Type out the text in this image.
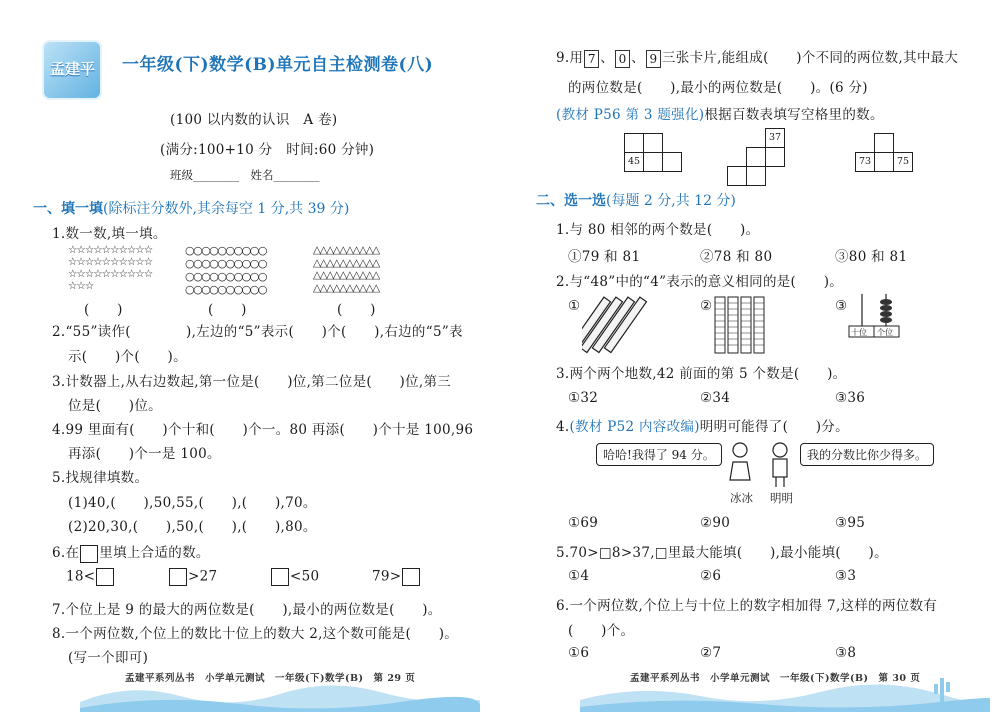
孟建平 一年级(下)数学(B)单元自主检测卷(八)
(100 以内数的认识　A 卷)
(满分:100+10 分　时间:60 分钟)
班级________　姓名________
一、填一填(除标注分数外,其余每空 1 分,共 39 分)
1.数一数,填一填。
☆☆☆☆☆☆☆☆☆☆
☆☆☆☆☆☆☆☆☆☆
☆☆☆☆☆☆☆☆☆☆
☆☆☆
○○○○○○○○○○
○○○○○○○○○○
○○○○○○○○○○
○○○○○○○○○○
△△△△△△△△△△
△△△△△△△△△△
△△△△△△△△△△
△△△△△△△△△△
(　　)	(　　)	(　　)
2.“55”读作(　　　　),左边的“5”表示(　　)个(　　),右边的“5”表
示(　　)个(　　)。
3.计数器上,从右边数起,第一位是(　　)位,第二位是(　　)位,第三
位是(　　)位。
4.99 里面有(　　)个十和(　　)个一。80 再添(　　)个十是 100,96
再添(　　)个一是 100。
5.找规律填数。
(1)40,(　　),50,55,(　　),(　　),70。
(2)20,30,(　　),50,(　　),(　　),80。
6.在 里填上合适的数。
18<	>27	<50	79>
7.个位上是 9 的最大的两位数是(　　),最小的两位数是(　　)。
8.一个两位数,个位上的数比十位上的数大 2,这个数可能是(　　)。
(写一个即可)
孟建平系列丛书　小学单元测试　一年级(下)数学(B)　第 29 页
9.用 7 、 0 、 9 三张卡片,能组成(　　)个不同的两位数,其中最大
的两位数是(　　),最小的两位数是(　　)。(6 分)
(教材 P56 第 3 题强化)根据百数表填写空格里的数。
45
37
73	75
二、选一选(每题 2 分,共 12 分)
1.与 80 相邻的两个数是(　　)。
①79 和 81	②78 和 80	③80 和 81
2.与“48”中的“4”表示的意义相同的是(　　)。
①	②	③
十位 个位
3.两个两个地数,42 前面的第 5 个数是(　　)。
①32	②34	③36
4.(教材 P52 内容改编)明明可能得了(　　)分。
哈哈!我得了 94 分。	我的分数比你少得多。
冰冰 明明
①69	②90	③95
5.70>□8>37,□里最大能填(　　),最小能填(　　)。
①4	②6	③3
6.一个两位数,个位上与十位上的数字相加得 7,这样的两位数有
(　　)个。
①6	②7	③8
孟建平系列丛书　小学单元测试　一年级(下)数学(B)　第 30 页
